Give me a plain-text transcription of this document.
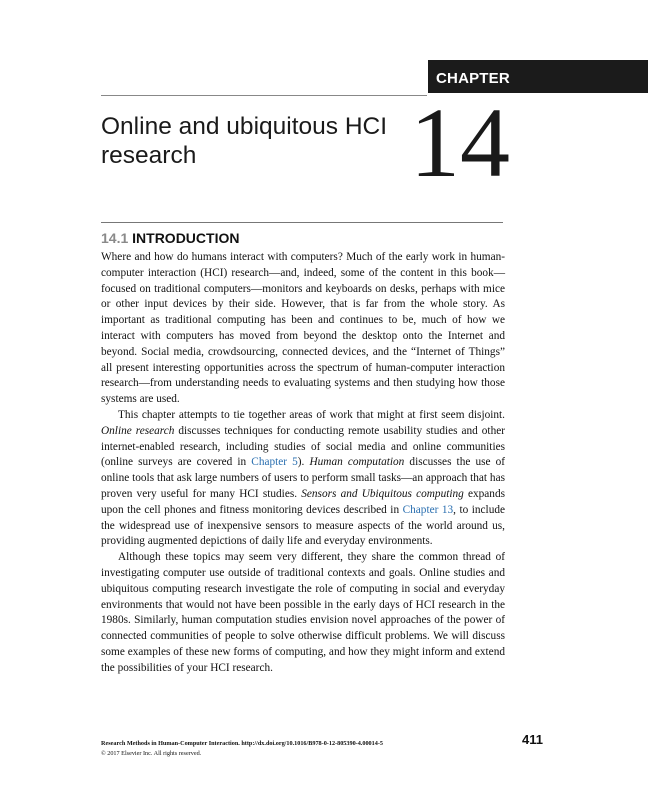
CHAPTER
Online and ubiquitous HCI research	14
14.1 INTRODUCTION

Where and how do humans interact with computers? Much of the early work in human-computer interaction (HCI) research—and, indeed, some of the content in this book—focused on traditional computers—monitors and keyboards on desks, perhaps with mice or other input devices by their side. However, that is far from the whole story. As important as traditional computing has been and continues to be, much of how we interact with computers has moved from beyond the desktop onto the Internet and beyond. Social media, crowdsourcing, connected devices, and the “Internet of Things” all present interesting opportunities across the spectrum of human-computer interaction research—from understanding needs to evaluating systems and then studying how those systems are used.

This chapter attempts to tie together areas of work that might at first seem disjoint. Online research discusses techniques for conducting remote usability studies and other internet-enabled research, including studies of social media and online communities (online surveys are covered in Chapter 5). Human computation discusses the use of online tools that ask large numbers of users to perform small tasks—an approach that has proven very useful for many HCI studies. Sensors and Ubiquitous computing expands upon the cell phones and fitness monitoring devices described in Chapter 13, to include the widespread use of inexpensive sensors to measure aspects of the world around us, providing augmented depictions of daily life and everyday environments.

Although these topics may seem very different, they share the common thread of investigating computer use outside of traditional contexts and goals. Online studies and ubiquitous computing research investigate the role of computing in social and everyday environments that would not have been possible in the early days of HCI research in the 1980s. Similarly, human computation studies envision novel approaches of the power of connected communities of people to solve otherwise difficult problems. We will discuss some examples of these new forms of computing, and how they might inform and extend the possibilities of your HCI research.

Research Methods in Human-Computer Interaction. http://dx.doi.org/10.1016/B978-0-12-805390-4.00014-5
© 2017 Elsevier Inc. All rights reserved.
411
